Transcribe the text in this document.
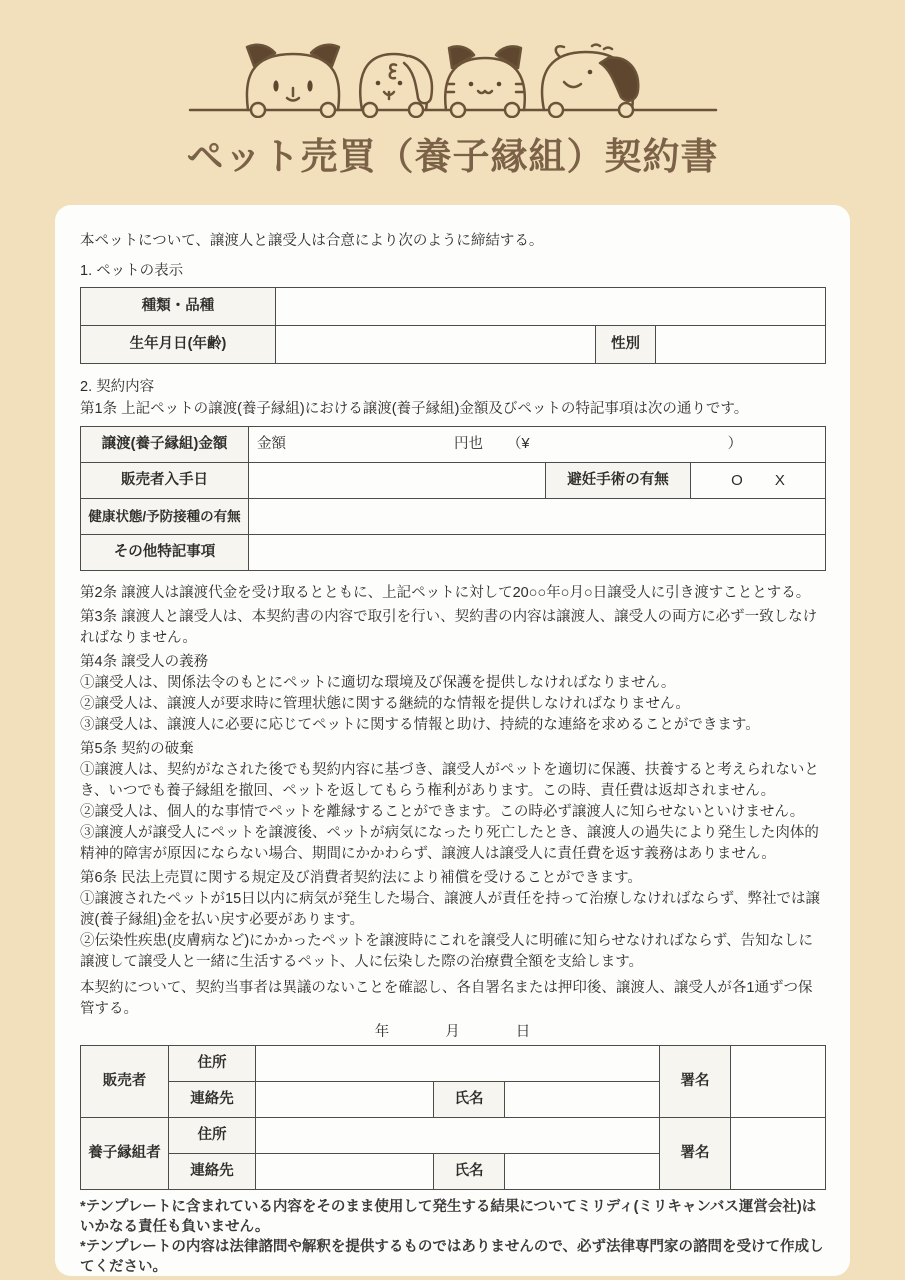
ペット売買（養子縁組）契約書

本ペットについて、譲渡人と譲受人は合意により次のように締結する。

1. ペットの表示

種類・品種			
生年月日(年齢)		性別	

2. 契約内容

第1条 上記ペットの譲渡(養子縁組)における譲渡(養子縁組)金額及びペットの特記事項は次の通りです。

譲渡(養子縁組)金額	金額 円也 （ ¥ ）		

販売者入手日		避妊手術の有無	O X

健康状態/予防接種の有無			
その他特記事項			

第2条 譲渡人は譲渡代金を受け取るとともに、上記ペットに対して20○○年○月○日譲受人に引き渡すこととする。

第3条 譲渡人と譲受人は、本契約書の内容で取引を行い、契約書の内容は譲渡人、譲受人の両方に必ず一致しなければなりません。

第4条 譲受人の義務

①譲受人は、関係法令のもとにペットに適切な環境及び保護を提供しなければなりません。

②譲受人は、譲渡人が要求時に管理状態に関する継続的な情報を提供しなければなりません。

③譲受人は、譲渡人に必要に応じてペットに関する情報と助け、持続的な連絡を求めることができます。

第5条 契約の破棄

①譲渡人は、契約がなされた後でも契約内容に基づき、譲受人がペットを適切に保護、扶養すると考えられないとき、いつでも養子縁組を撤回、ペットを返してもらう権利があります。この時、責任費は返却されません。

②譲受人は、個人的な事情でペットを離縁することができます。この時必ず譲渡人に知らせないといけません。

③譲渡人が譲受人にペットを譲渡後、ペットが病気になったり死亡したとき、譲渡人の過失により発生した肉体的精神的障害が原因にならない場合、期間にかかわらず、譲渡人は譲受人に責任費を返す義務はありません。

第6条 民法上売買に関する規定及び消費者契約法により補償を受けることができます。

①譲渡されたペットが15日以内に病気が発生した場合、譲渡人が責任を持って治療しなければならず、弊社では譲渡(養子縁組)金を払い戻す必要があります。

②伝染性疾患(皮膚病など)にかかったペットを譲渡時にこれを譲受人に明確に知らせなければならず、告知なしに譲渡して譲受人と一緒に生活するペット、人に伝染した際の治療費全額を支給します。

本契約について、契約当事者は異議のないことを確認し、各自署名または押印後、譲渡人、譲受人が各1通ずつ保管する。

年	月	日
販売者	住所				署名	
	連絡先		氏名			
養子縁組者	住所				署名	
	連絡先		氏名			

*テンプレートに含まれている内容をそのまま使用して発生する結果についてミリディ(ミリキャンバス運営会社)はいかなる責任も負いません。

*テンプレートの内容は法律諮問や解釈を提供するものではありませんので、必ず法律専門家の諮問を受けて作成してください。
